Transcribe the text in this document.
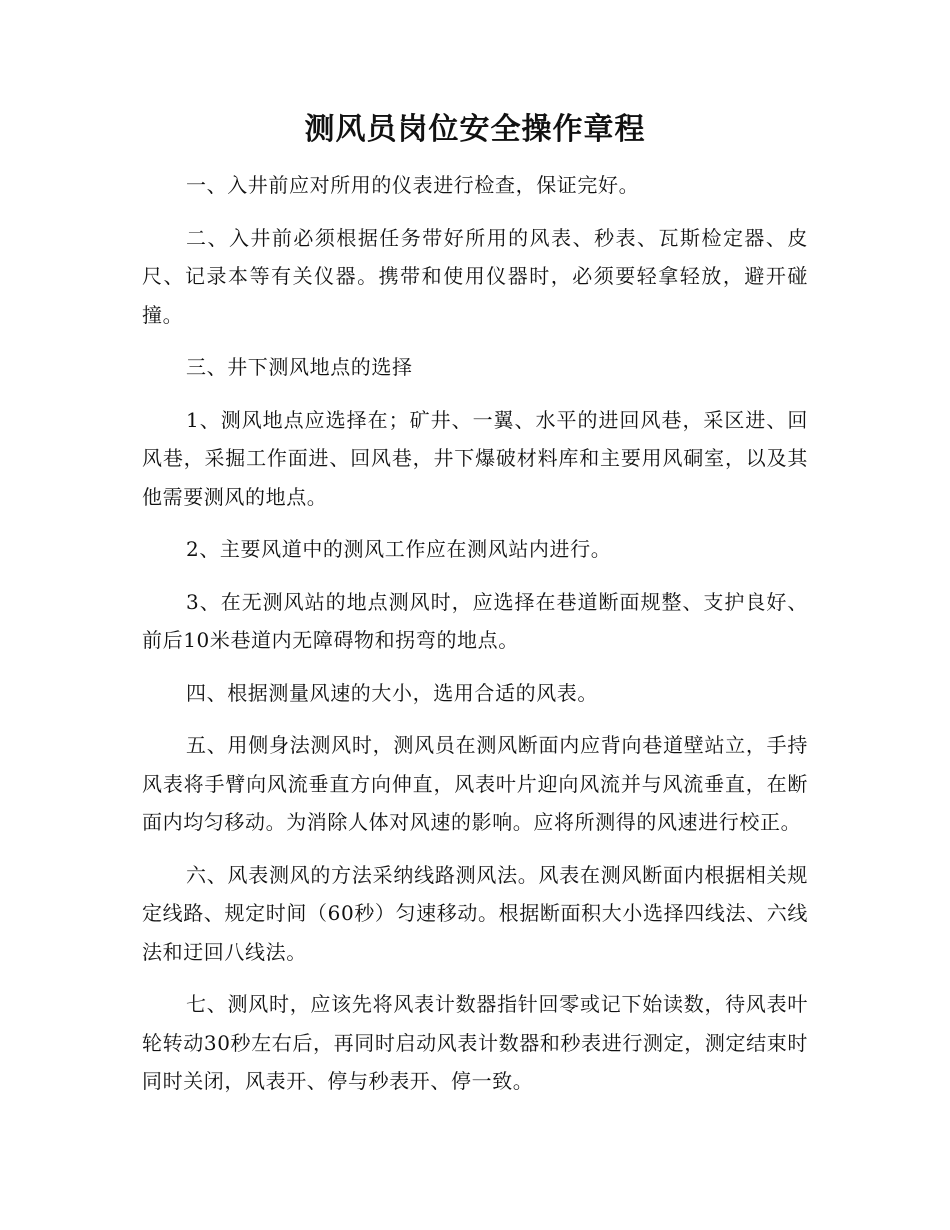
测风员岗位安全操作章程

一、入井前应对所用的仪表进行检查，保证完好。

二、入井前必须根据任务带好所用的风表、秒表、瓦斯检定器、皮尺、记录本等有关仪器。携带和使用仪器时，必须要轻拿轻放，避开碰撞。

三、井下测风地点的选择

1、测风地点应选择在；矿井、一翼、水平的进回风巷，采区进、回风巷，采掘工作面进、回风巷，井下爆破材料库和主要用风硐室，以及其他需要测风的地点。

2、主要风道中的测风工作应在测风站内进行。

3、在无测风站的地点测风时，应选择在巷道断面规整、支护良好、前后10米巷道内无障碍物和拐弯的地点。

四、根据测量风速的大小，选用合适的风表。

五、用侧身法测风时，测风员在测风断面内应背向巷道壁站立，手持风表将手臂向风流垂直方向伸直，风表叶片迎向风流并与风流垂直，在断面内均匀移动。为消除人体对风速的影响。应将所测得的风速进行校正。

六、风表测风的方法采纳线路测风法。风表在测风断面内根据相关规定线路、规定时间（60秒）匀速移动。根据断面积大小选择四线法、六线法和迂回八线法。

七、测风时，应该先将风表计数器指针回零或记下始读数，待风表叶轮转动30秒左右后，再同时启动风表计数器和秒表进行测定，测定结束时同时关闭，风表开、停与秒表开、停一致。
